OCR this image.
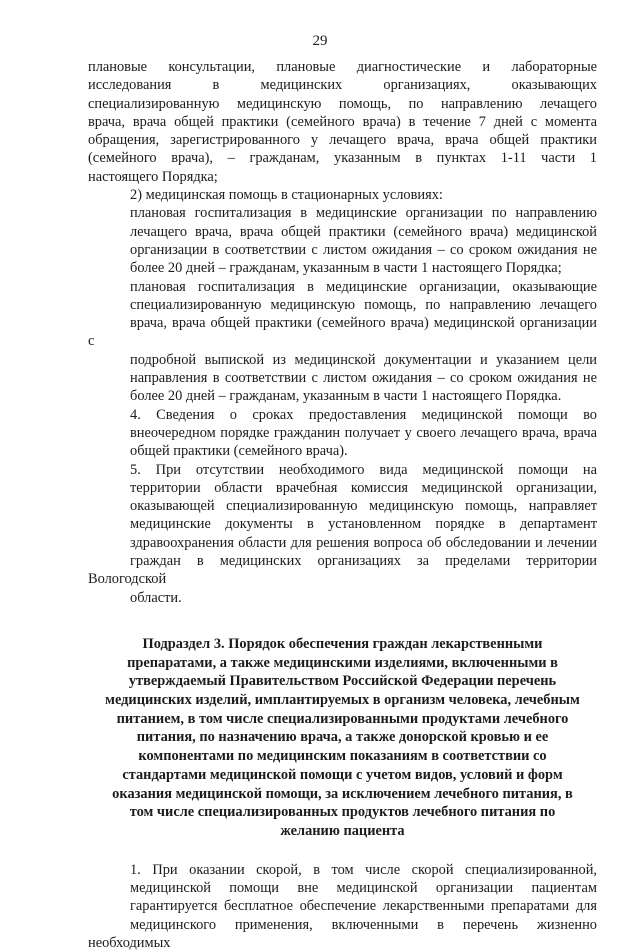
29

плановые консультации, плановые диагностические и лабораторные
исследования в медицинских организациях, оказывающих
специализированную медицинскую помощь, по направлению лечащего
врача, врача общей практики (семейного врача) в течение 7 дней с момента
обращения, зарегистрированного у лечащего врача, врача общей практики
(семейного врача), – гражданам, указанным в пунктах 1-11 части 1
настоящего Порядка;

2) медицинская помощь в стационарных условиях:

плановая госпитализация в медицинские организации по направлению
лечащего врача, врача общей практики (семейного врача) медицинской
организации в соответствии с листом ожидания – со сроком ожидания не
более 20 дней – гражданам, указанным в части 1 настоящего Порядка;

плановая госпитализация в медицинские организации, оказывающие
специализированную медицинскую помощь, по направлению лечащего
врача, врача общей практики (семейного врача) медицинской организации с
подробной выпиской из медицинской документации и указанием цели
направления в соответствии с листом ожидания – со сроком ожидания не
более 20 дней – гражданам, указанным в части 1 настоящего Порядка.

4. Сведения о сроках предоставления медицинской помощи во
внеочередном порядке гражданин получает у своего лечащего врача, врача
общей практики (семейного врача).

5. При отсутствии необходимого вида медицинской помощи на
территории области врачебная комиссия медицинской организации,
оказывающей специализированную медицинскую помощь, направляет
медицинские документы в установленном порядке в департамент
здравоохранения области для решения вопроса об обследовании и лечении
граждан в медицинских организациях за пределами территории Вологодской
области.

Подраздел 3. Порядок обеспечения граждан лекарственными
препаратами, а также медицинскими изделиями, включенными в
утверждаемый Правительством Российской Федерации перечень
медицинских изделий, имплантируемых в организм человека, лечебным
питанием, в том числе специализированными продуктами лечебного
питания, по назначению врача, а также донорской кровью и ее
компонентами по медицинским показаниям в соответствии со
стандартами медицинской помощи с учетом видов, условий и форм
оказания медицинской помощи, за исключением лечебного питания, в
том числе специализированных продуктов лечебного питания по
желанию пациента

1. При оказании скорой, в том числе скорой специализированной,
медицинской помощи вне медицинской организации пациентам
гарантируется бесплатное обеспечение лекарственными препаратами для
медицинского применения, включенными в перечень жизненно необходимых
